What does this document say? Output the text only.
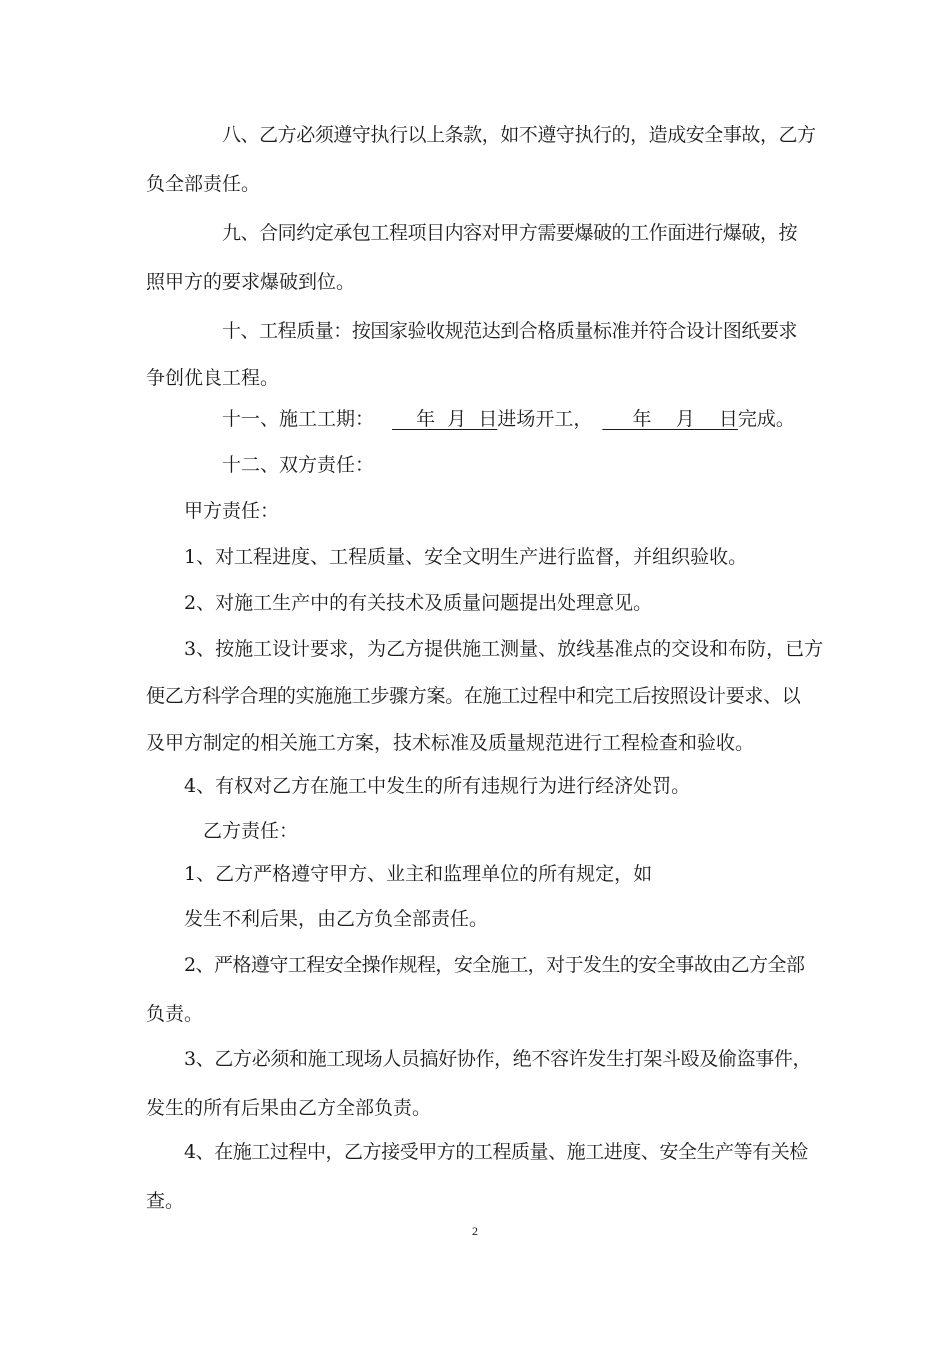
八、乙方必须遵守执行以上条款，如不遵守执行的，造成安全事故，乙方
负全部责任。
九、合同约定承包工程项目内容对甲方需要爆破的工作面进行爆破，按
照甲方的要求爆破到位。
十、工程质量：按国家验收规范达到合格质量标准并符合设计图纸要求
争创优良工程。
十一、施工工期：    年  月  日进场开工，     年    月    日完成。
十二、双方责任：
甲方责任：
1、对工程进度、工程质量、安全文明生产进行监督，并组织验收。
2、对施工生产中的有关技术及质量问题提出处理意见。
3、按施工设计要求，为乙方提供施工测量、放线基准点的交设和布防，已方
便乙方科学合理的实施施工步骤方案。在施工过程中和完工后按照设计要求、以
及甲方制定的相关施工方案，技术标准及质量规范进行工程检查和验收。
4、有权对乙方在施工中发生的所有违规行为进行经济处罚。
乙方责任：
1、乙方严格遵守甲方、业主和监理单位的所有规定，如
发生不利后果，由乙方负全部责任。
2、严格遵守工程安全操作规程，安全施工，对于发生的安全事故由乙方全部
负责。
3、乙方必须和施工现场人员搞好协作，绝不容许发生打架斗殴及偷盗事件，
发生的所有后果由乙方全部负责。
4、在施工过程中，乙方接受甲方的工程质量、施工进度、安全生产等有关检
查。
2
